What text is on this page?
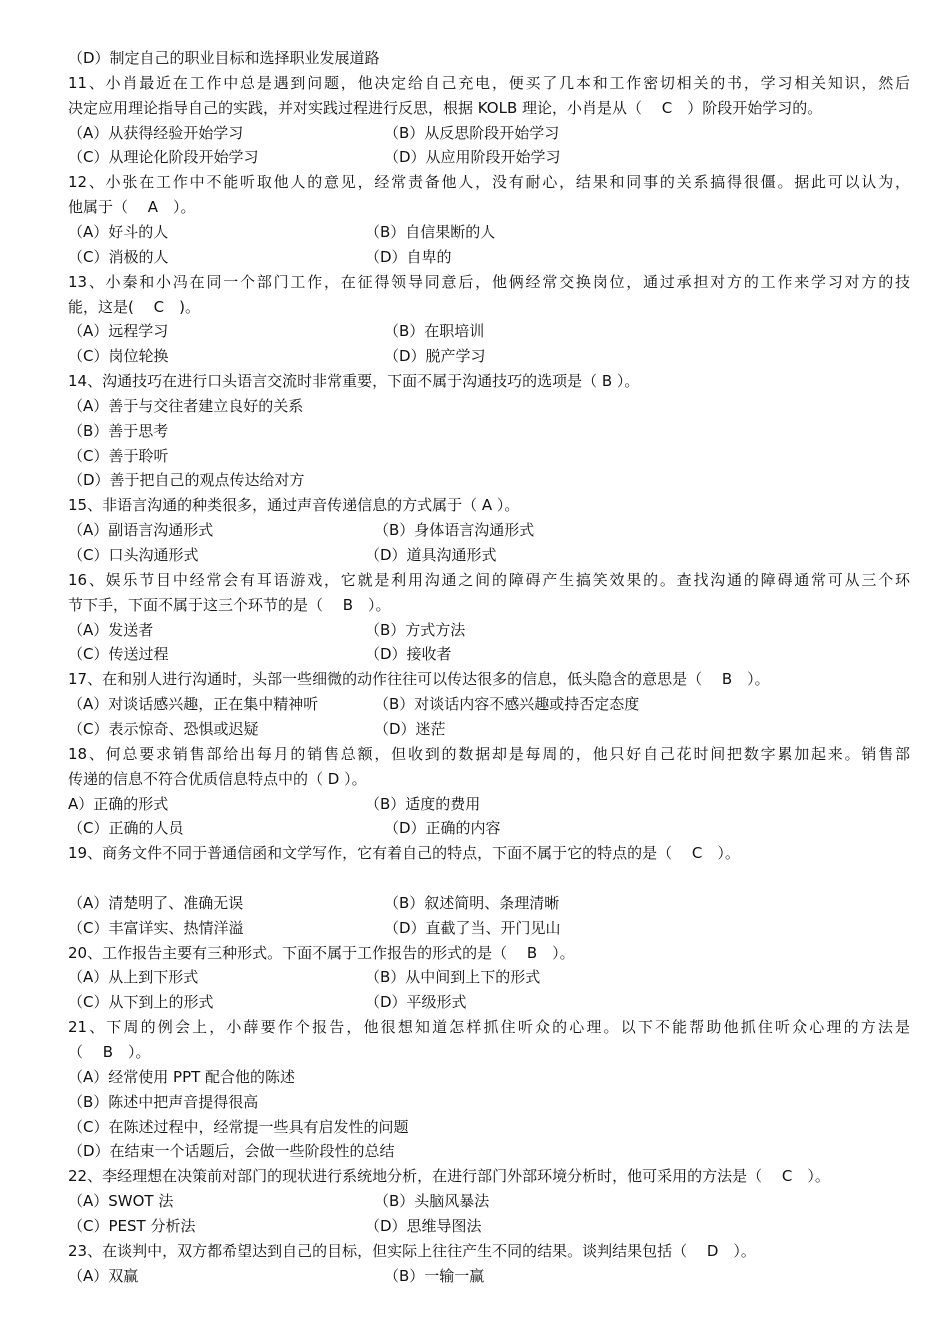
（D）制定自己的职业目标和选择职业发展道路
11、小肖最近在工作中总是遇到问题，他决定给自己充电，便买了几本和工作密切相关的书，学习相关知识，然后
决定应用理论指导自己的实践，并对实践过程进行反思，根据 KOLB 理论，小肖是从（　 C　）阶段开始学习的。
（A）从获得经验开始学习	（B）从反思阶段开始学习
（C）从理论化阶段开始学习	（D）从应用阶段开始学习
12、小张在工作中不能听取他人的意见，经常责备他人，没有耐心，结果和同事的关系搞得很僵。据此可以认为，
他属于（　 A　）。
（A）好斗的人	（B）自信果断的人
（C）消极的人	（D）自卑的
13、小秦和小冯在同一个部门工作，在征得领导同意后，他俩经常交换岗位，通过承担对方的工作来学习对方的技
能，这是(　 C　)。
（A）远程学习	（B）在职培训
（C）岗位轮换	（D）脱产学习
14、沟通技巧在进行口头语言交流时非常重要，下面不属于沟通技巧的选项是（ B ）。
（A）善于与交往者建立良好的关系
（B）善于思考
（C）善于聆听
（D）善于把自己的观点传达给对方
15、非语言沟通的种类很多，通过声音传递信息的方式属于（ A ）。
（A）副语言沟通形式	（B）身体语言沟通形式
（C）口头沟通形式	（D）道具沟通形式
16、娱乐节目中经常会有耳语游戏，它就是利用沟通之间的障碍产生搞笑效果的。查找沟通的障碍通常可从三个环
节下手，下面不属于这三个环节的是（　 B　）。
（A）发送者	（B）方式方法
（C）传送过程	（D）接收者
17、在和别人进行沟通时，头部一些细微的动作往往可以传达很多的信息，低头隐含的意思是（　 B　）。
（A）对谈话感兴趣，正在集中精神听	（B）对谈话内容不感兴趣或持否定态度
（C）表示惊奇、恐惧或迟疑	（D）迷茫
18、何总要求销售部给出每月的销售总额，但收到的数据却是每周的，他只好自己花时间把数字累加起来。销售部
传递的信息不符合优质信息特点中的（ D ）。
A）正确的形式	（B）适度的费用
（C）正确的人员	（D）正确的内容
19、商务文件不同于普通信函和文学写作，它有着自己的特点，下面不属于它的特点的是（　 C　）。
（A）清楚明了、准确无误	（B）叙述简明、条理清晰
（C）丰富详实、热情洋溢	（D）直截了当、开门见山
20、工作报告主要有三种形式。下面不属于工作报告的形式的是（　 B　）。
（A）从上到下形式	（B）从中间到上下的形式
（C）从下到上的形式	（D）平级形式
21、下周的例会上，小薛要作个报告，他很想知道怎样抓住听众的心理。以下不能帮助他抓住听众心理的方法是
（　 B　）。
（A）经常使用 PPT 配合他的陈述
（B）陈述中把声音提得很高
（C）在陈述过程中，经常提一些具有启发性的问题
（D）在结束一个话题后，会做一些阶段性的总结
22、李经理想在决策前对部门的现状进行系统地分析，在进行部门外部环境分析时，他可采用的方法是（　 C　）。
（A）SWOT 法	（B）头脑风暴法
（C）PEST 分析法	（D）思维导图法
23、在谈判中，双方都希望达到自己的目标，但实际上往往产生不同的结果。谈判结果包括（　 D　）。
（A）双赢	（B）一输一赢
